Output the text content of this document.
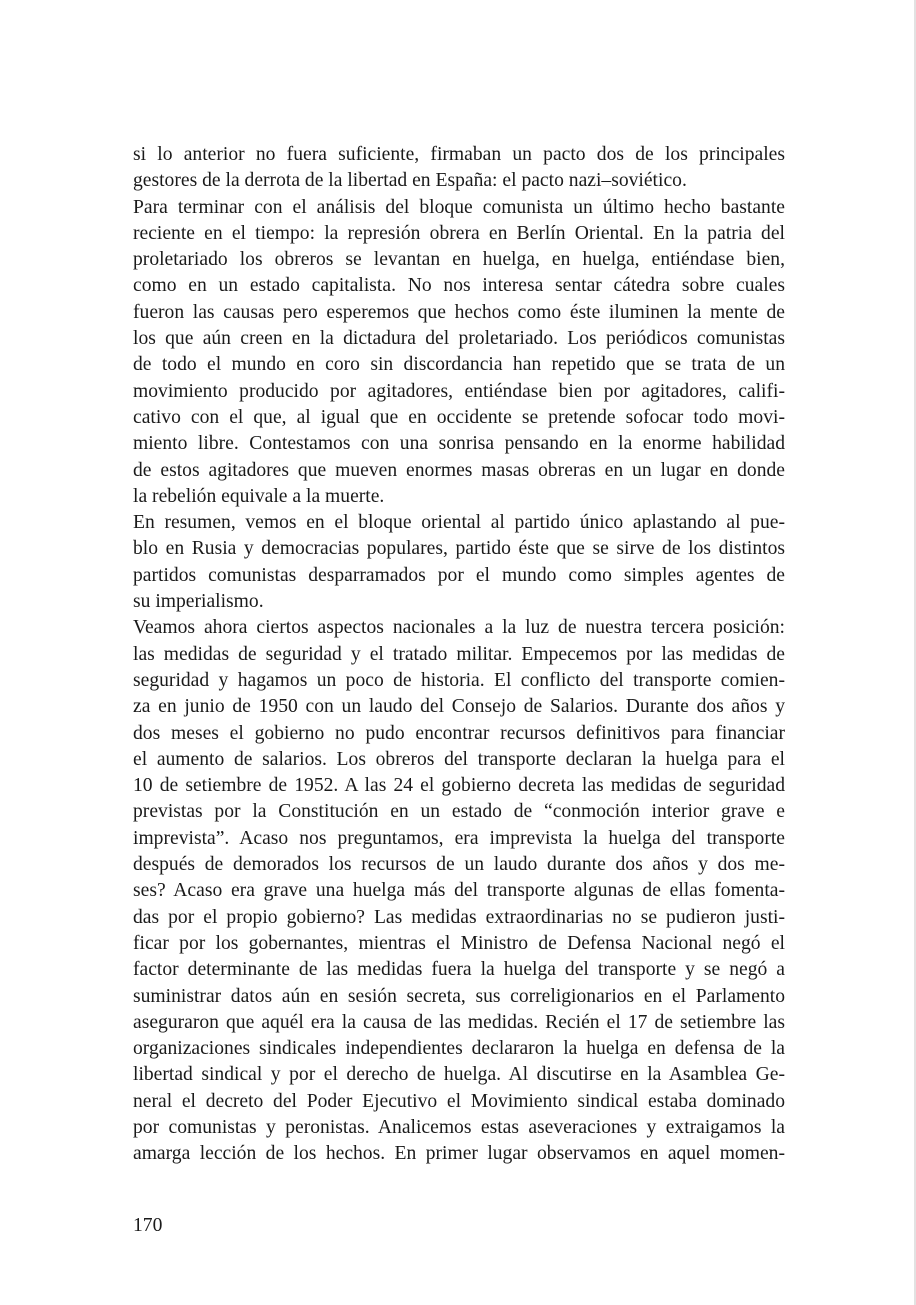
si lo anterior no fuera suficiente, firmaban un pacto dos de los principales
gestores de la derrota de la libertad en España: el pacto nazi–soviético.

Para terminar con el análisis del bloque comunista un último hecho bastante
reciente en el tiempo: la represión obrera en Berlín Oriental. En la patria del
proletariado los obreros se levantan en huelga, en huelga, entiéndase bien,
como en un estado capitalista. No nos interesa sentar cátedra sobre cuales
fueron las causas pero esperemos que hechos como éste iluminen la mente de
los que aún creen en la dictadura del proletariado. Los periódicos comunistas
de todo el mundo en coro sin discordancia han repetido que se trata de un
movimiento producido por agitadores, entiéndase bien por agitadores, califi-
cativo con el que, al igual que en occidente se pretende sofocar todo movi-
miento libre. Contestamos con una sonrisa pensando en la enorme habilidad
de estos agitadores que mueven enormes masas obreras en un lugar en donde
la rebelión equivale a la muerte.

En resumen, vemos en el bloque oriental al partido único aplastando al pue-
blo en Rusia y democracias populares, partido éste que se sirve de los distintos
partidos comunistas desparramados por el mundo como simples agentes de
su imperialismo.

Veamos ahora ciertos aspectos nacionales a la luz de nuestra tercera posición:
las medidas de seguridad y el tratado militar. Empecemos por las medidas de
seguridad y hagamos un poco de historia. El conflicto del transporte comien-
za en junio de 1950 con un laudo del Consejo de Salarios. Durante dos años y
dos meses el gobierno no pudo encontrar recursos definitivos para financiar
el aumento de salarios. Los obreros del transporte declaran la huelga para el
10 de setiembre de 1952. A las 24 el gobierno decreta las medidas de seguridad
previstas por la Constitución en un estado de “conmoción interior grave e
imprevista”. Acaso nos preguntamos, era imprevista la huelga del transporte
después de demorados los recursos de un laudo durante dos años y dos me-
ses? Acaso era grave una huelga más del transporte algunas de ellas fomenta-
das por el propio gobierno? Las medidas extraordinarias no se pudieron justi-
ficar por los gobernantes, mientras el Ministro de Defensa Nacional negó el
factor determinante de las medidas fuera la huelga del transporte y se negó a
suministrar datos aún en sesión secreta, sus correligionarios en el Parlamento
aseguraron que aquél era la causa de las medidas. Recién el 17 de setiembre las
organizaciones sindicales independientes declararon la huelga en defensa de la
libertad sindical y por el derecho de huelga. Al discutirse en la Asamblea Ge-
neral el decreto del Poder Ejecutivo el Movimiento sindical estaba dominado
por comunistas y peronistas. Analicemos estas aseveraciones y extraigamos la
amarga lección de los hechos. En primer lugar observamos en aquel momen-

170
